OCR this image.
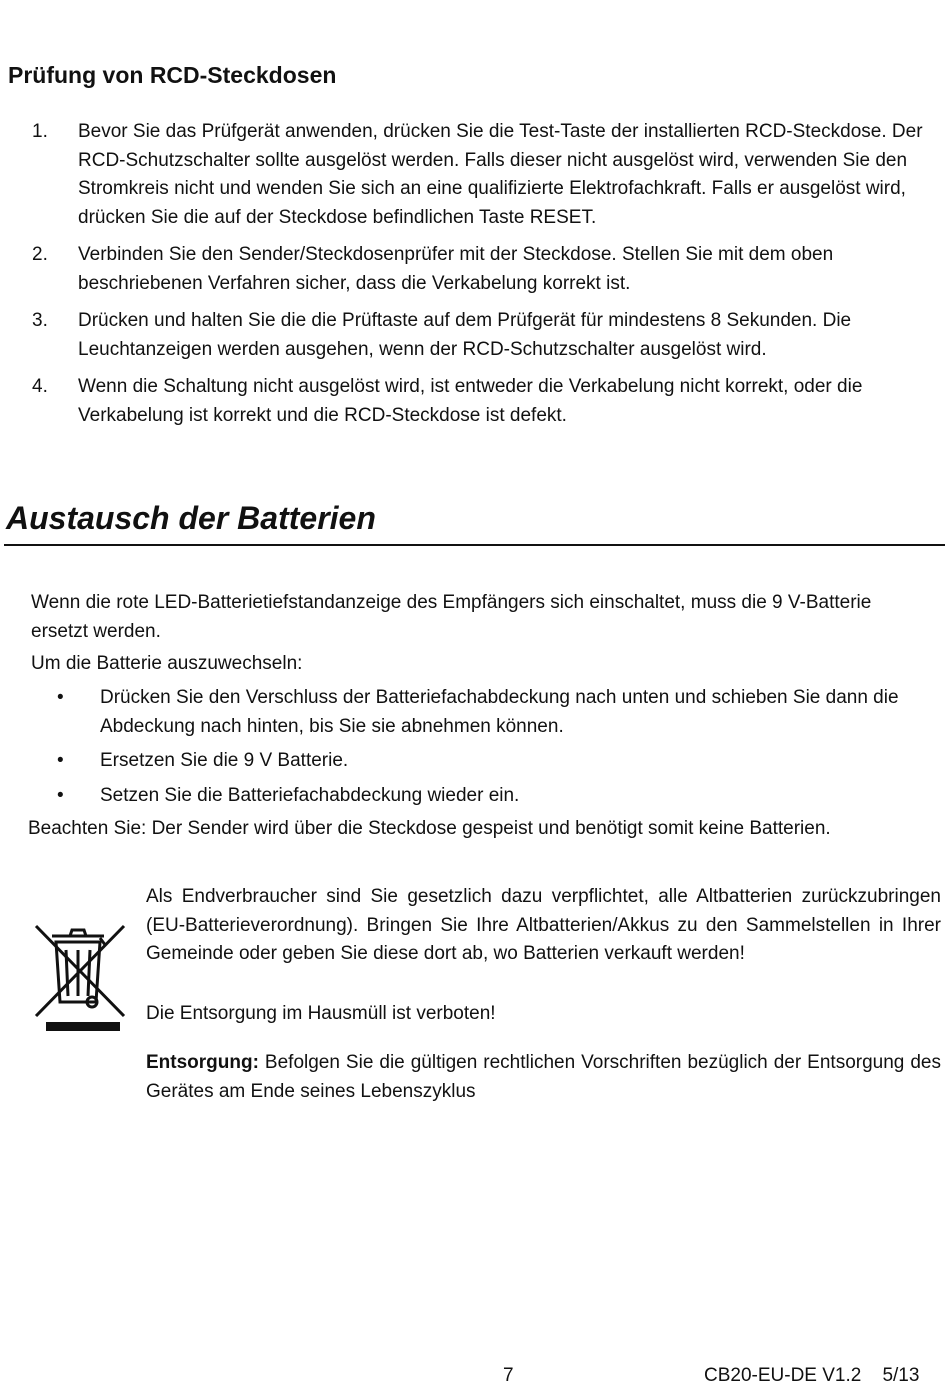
Prüfung von RCD-Steckdosen
1. Bevor Sie das Prüfgerät anwenden, drücken Sie die Test-Taste der installierten RCD-Steckdose. Der RCD-Schutzschalter sollte ausgelöst werden. Falls dieser nicht ausgelöst wird, verwenden Sie den Stromkreis nicht und wenden Sie sich an eine qualifizierte Elektrofachkraft. Falls er ausgelöst wird, drücken Sie die auf der Steckdose befindlichen Taste RESET.
2. Verbinden Sie den Sender/Steckdosenprüfer mit der Steckdose. Stellen Sie mit dem oben beschriebenen Verfahren sicher, dass die Verkabelung korrekt ist.
3. Drücken und halten Sie die die Prüftaste auf dem Prüfgerät für mindestens 8 Sekunden. Die Leuchtanzeigen werden ausgehen, wenn der RCD-Schutzschalter ausgelöst wird.
4. Wenn die Schaltung nicht ausgelöst wird, ist entweder die Verkabelung nicht korrekt, oder die Verkabelung ist korrekt und die RCD-Steckdose ist defekt.
Austausch der Batterien

Wenn die rote LED-Batterietiefstandanzeige des Empfängers sich einschaltet, muss die 9 V-Batterie ersetzt werden.

Um die Batterie auszuwechseln:

• Drücken Sie den Verschluss der Batteriefachabdeckung nach unten und schieben Sie dann die Abdeckung nach hinten, bis Sie sie abnehmen können.
• Ersetzen Sie die 9 V Batterie.
• Setzen Sie die Batteriefachabdeckung wieder ein.

Beachten Sie: Der Sender wird über die Steckdose gespeist und benötigt somit keine Batterien.

Als Endverbraucher sind Sie gesetzlich dazu verpflichtet, alle Altbatterien zurückzubringen (EU-Batterieverordnung). Bringen Sie Ihre Altbatterien/Akkus zu den Sammelstellen in Ihrer Gemeinde oder geben Sie diese dort ab, wo Batterien verkauft werden!

Die Entsorgung im Hausmüll ist verboten!

Entsorgung: Befolgen Sie die gültigen rechtlichen Vorschriften bezüglich der Entsorgung des Gerätes am Ende seines Lebenszyklus

7	CB20-EU-DE V1.2    5/13
